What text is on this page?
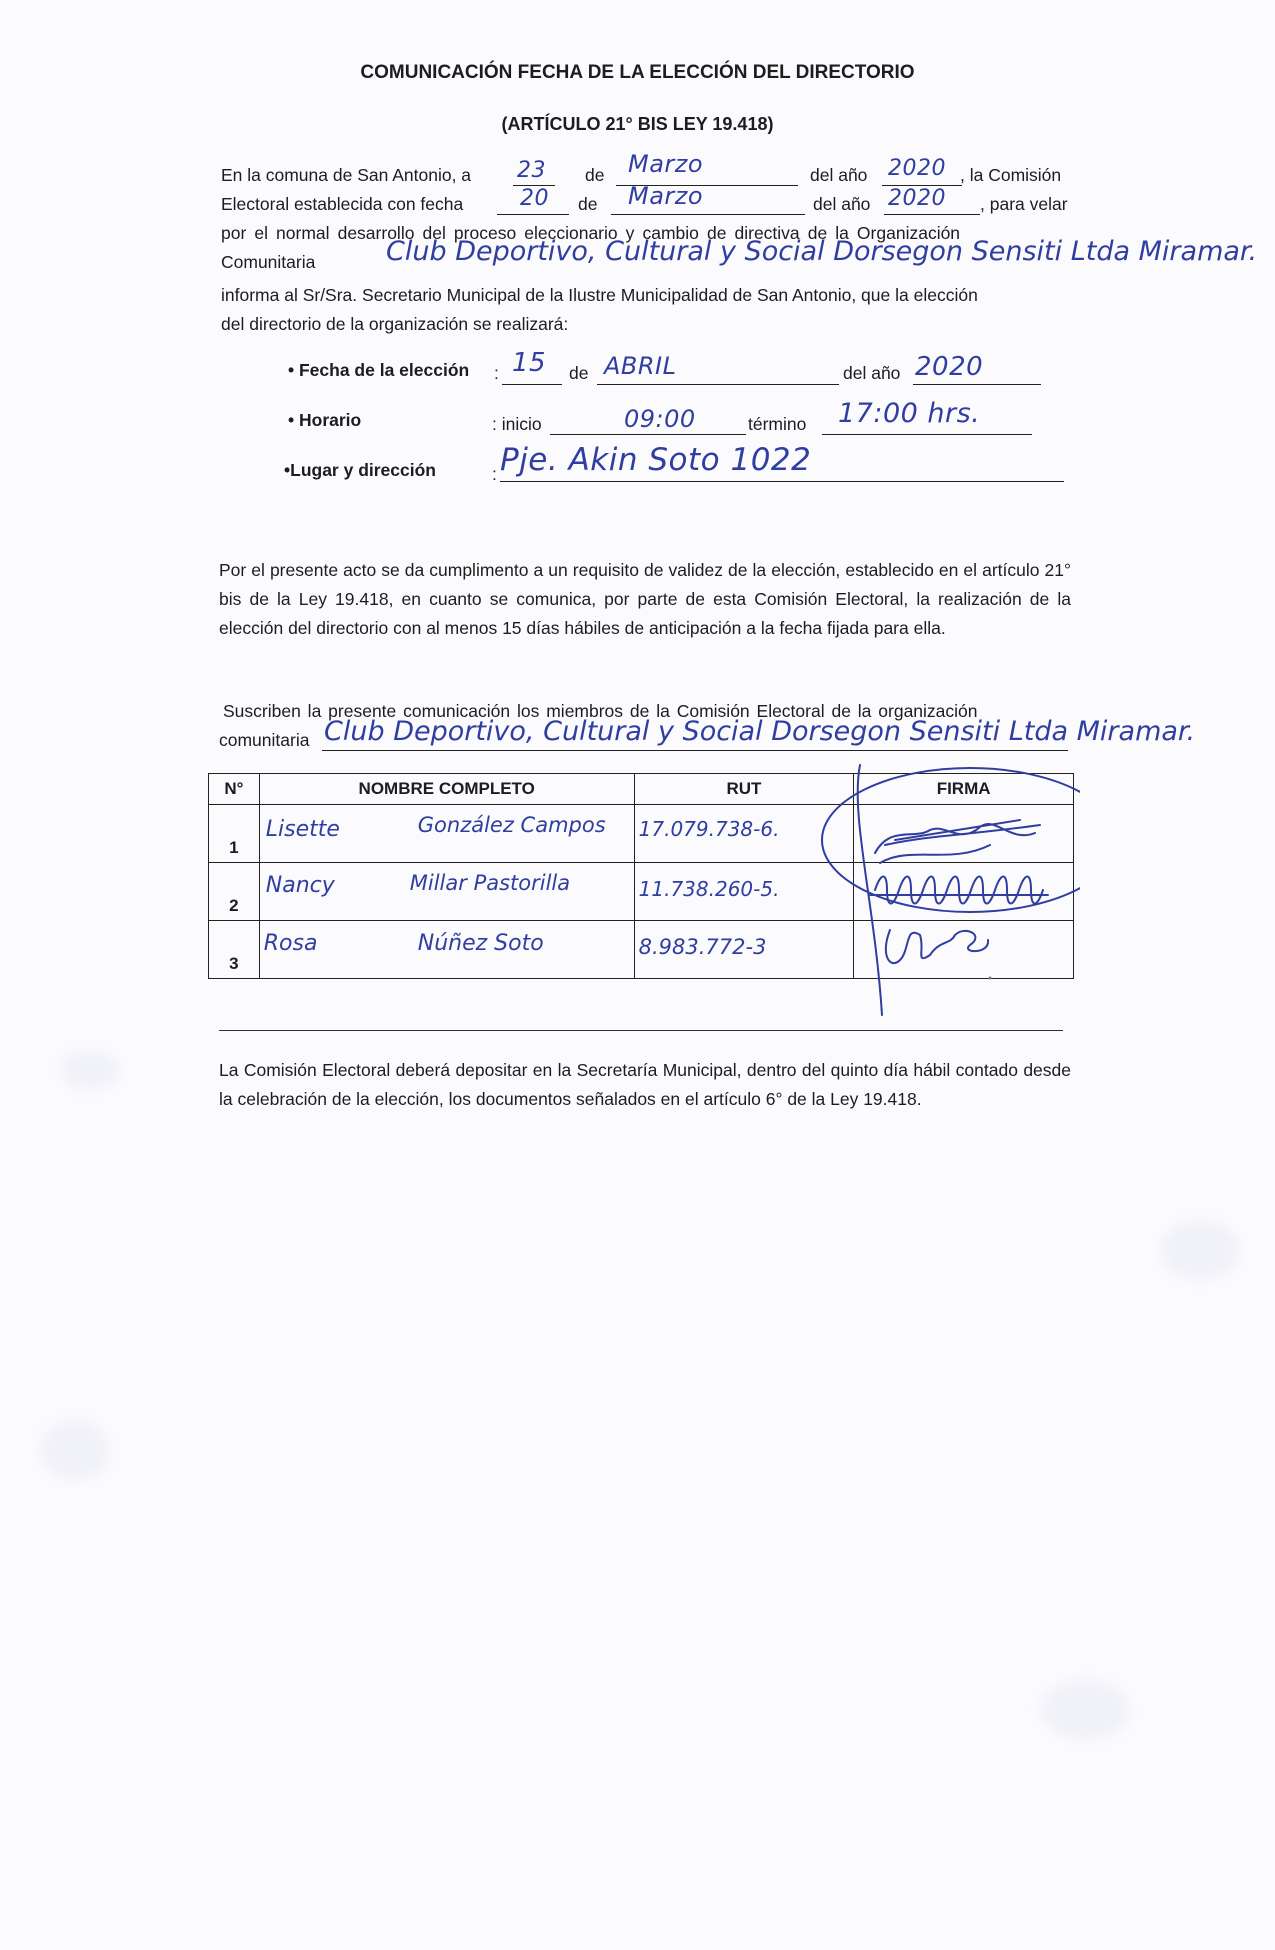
COMUNICACIÓN FECHA DE LA ELECCIÓN DEL DIRECTORIO
(ARTÍCULO 21° BIS LEY 19.418)
En la comuna de San Antonio, a 23 de Marzo	del año 2020 , la Comisión
Electoral establecida con fecha	20 de Marzo	del año 2020 , para velar
por el normal desarrollo del proceso eleccionario y cambio de directiva de la Organización
Comunitaria	Club Deportivo, Cultural y Social Dorsegon Sensiti Ltda Miramar.
informa al Sr/Sra. Secretario Municipal de la Ilustre Municipalidad de San Antonio, que la elección
del directorio de la organización se realizará:
• Fecha de la elección : 15 de ABRIL	del año 2020
• Horario	: inicio	09:00	término 17:00 hrs.
•Lugar y dirección	: Pje. Akin Soto 1022
Por el presente acto se da cumplimento a un requisito de validez de la elección, establecido en el artículo 21° bis de la Ley 19.418, en cuanto se comunica, por parte de esta Comisión Electoral, la realización de la elección del directorio con al menos 15 días hábiles de anticipación a la fecha fijada para ella.
Suscriben la presente comunicación los miembros de la Comisión Electoral de la organización
comunitaria Club Deportivo, Cultural y Social Dorsegon Sensiti Ltda Miramar.
N°	NOMBRE COMPLETO	RUT	FIRMA
1	Lisette González Campos	17.079.738-6.	

2	Nancy Millar Pastorilla	11.738.260-5.	

3	Rosa Núñez Soto	8.983.772-3	

La Comisión Electoral deberá depositar en la Secretaría Municipal, dentro del quinto día hábil contado desde la celebración de la elección, los documentos señalados en el artículo 6° de la Ley 19.418.
